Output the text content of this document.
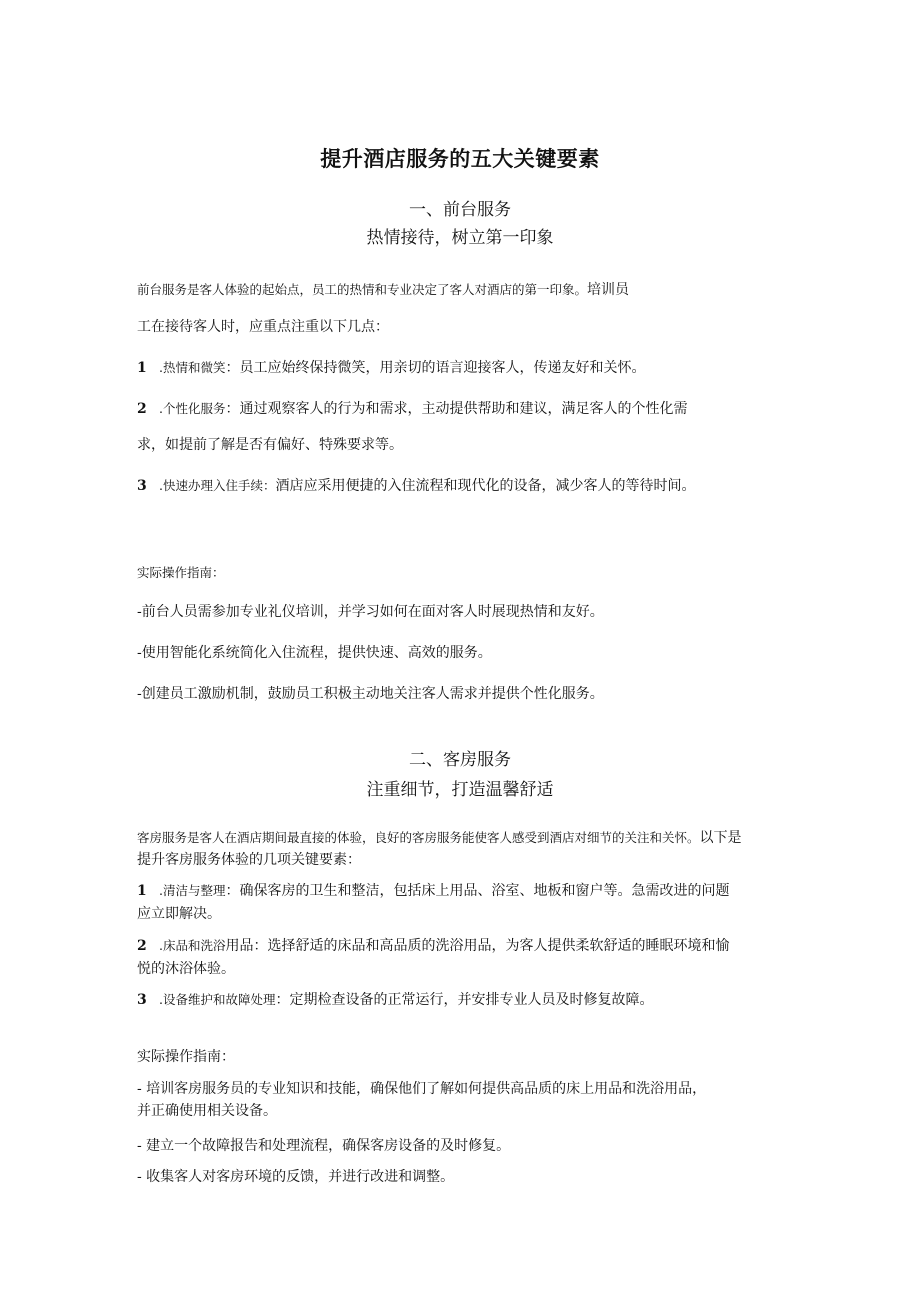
提升酒店服务的五大关键要素
一、前台服务
热情接待，树立第一印象
前台服务是客人体验的起始点，员工的热情和专业决定了客人对酒店的第一印象。培训员
工在接待客人时，应重点注重以下几点：
1 .热情和微笑：员工应始终保持微笑，用亲切的语言迎接客人，传递友好和关怀。
2 .个性化服务：通过观察客人的行为和需求，主动提供帮助和建议，满足客人的个性化需
求，如提前了解是否有偏好、特殊要求等。
3 .快速办理入住手续：酒店应采用便捷的入住流程和现代化的设备，减少客人的等待时间。
实际操作指南：
-前台人员需参加专业礼仪培训，并学习如何在面对客人时展现热情和友好。
-使用智能化系统简化入住流程，提供快速、高效的服务。
-创建员工激励机制，鼓励员工积极主动地关注客人需求并提供个性化服务。
二、客房服务
注重细节，打造温馨舒适
客房服务是客人在酒店期间最直接的体验，良好的客房服务能使客人感受到酒店对细节的关注和关怀。以下是
提升客房服务体验的几项关键要素：
1 .清洁与整理：确保客房的卫生和整洁，包括床上用品、浴室、地板和窗户等。急需改进的问题
应立即解决。
2 .床品和洗浴用品：选择舒适的床品和高品质的洗浴用品，为客人提供柔软舒适的睡眠环境和愉
悦的沐浴体验。
3 .设备维护和故障处理：定期检查设备的正常运行，并安排专业人员及时修复故障。
实际操作指南：
- 培训客房服务员的专业知识和技能，确保他们了解如何提供高品质的床上用品和洗浴用品，
并正确使用相关设备。
- 建立一个故障报告和处理流程，确保客房设备的及时修复。
- 收集客人对客房环境的反馈，并进行改进和调整。
